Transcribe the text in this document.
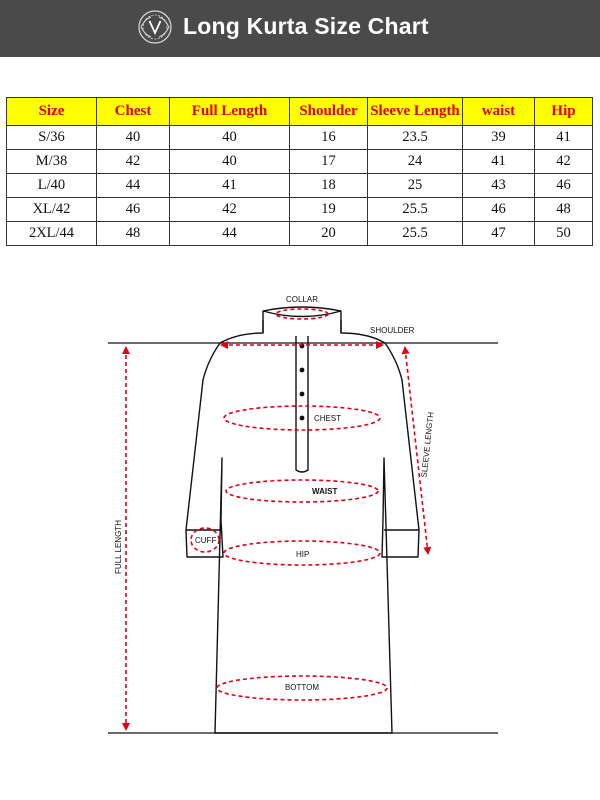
Long Kurta Size Chart
Size	Chest	Full Length	Shoulder	Sleeve Length	waist	Hip
S/36	40	40	16	23.5	39	41
M/38	42	40	17	24	41	42
L/40	44	41	18	25	43	46
XL/42	46	42	19	25.5	46	48
2XL/44	48	44	20	25.5	47	50
COLLAR
SHOULDER
CHEST	SLEEVE LENGTH
WAIST
CUFF
HIP
FULL LENGTH
BOTTOM
